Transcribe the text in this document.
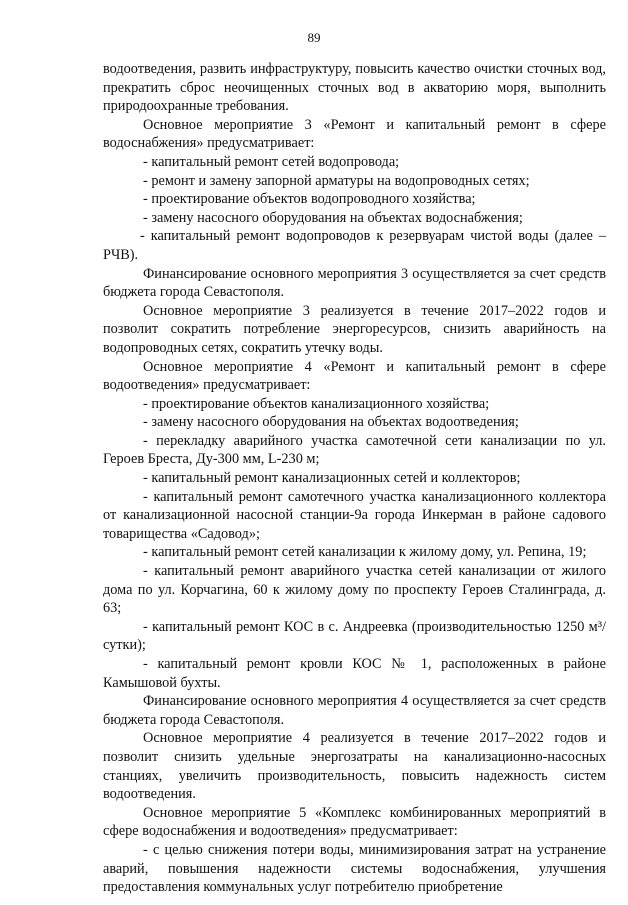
89

водоотведения, развить инфраструктуру, повысить качество очистки сточных вод, прекратить сброс неочищенных сточных вод в акваторию моря, выполнить природоохранные требования.

Основное мероприятие 3 «Ремонт и капитальный ремонт в сфере водоснабжения» предусматривает:

- капитальный ремонт сетей водопровода;

- ремонт и замену запорной арматуры на водопроводных сетях;

- проектирование объектов водопроводного хозяйства;

- замену насосного оборудования на объектах водоснабжения;

- капитальный ремонт водопроводов к резервуарам чистой воды (далее – РЧВ).

Финансирование основного мероприятия 3 осуществляется за счет средств бюджета города Севастополя.

Основное мероприятие 3 реализуется в течение 2017–2022 годов и позволит сократить потребление энергоресурсов, снизить аварийность на водопроводных сетях, сократить утечку воды.

Основное мероприятие 4 «Ремонт и капитальный ремонт в сфере водоотведения» предусматривает:

- проектирование объектов канализационного хозяйства;

- замену насосного оборудования на объектах водоотведения;

- перекладку аварийного участка самотечной сети канализации по ул. Героев Бреста, Ду-300 мм, L-230 м;

- капитальный ремонт канализационных сетей и коллекторов;

- капитальный ремонт самотечного участка канализационного коллектора от канализационной насосной станции-9а города Инкерман в районе садового товарищества «Садовод»;

- капитальный ремонт сетей канализации к жилому дому, ул. Репина, 19;

- капитальный ремонт аварийного участка сетей канализации от жилого дома по ул. Корчагина, 60 к жилому дому по проспекту Героев Сталинграда, д. 63;

- капитальный ремонт КОС в с. Андреевка (производительностью 1250 м³/сутки);

- капитальный ремонт кровли КОС № 1, расположенных в районе Камышовой бухты.

Финансирование основного мероприятия 4 осуществляется за счет средств бюджета города Севастополя.

Основное мероприятие 4 реализуется в течение 2017–2022 годов и позволит снизить удельные энергозатраты на канализационно-насосных станциях, увеличить производительность, повысить надежность систем водоотведения.

Основное мероприятие 5 «Комплекс комбинированных мероприятий в сфере водоснабжения и водоотведения» предусматривает:

- с целью снижения потери воды, минимизирования затрат на устранение аварий, повышения надежности системы водоснабжения, улучшения предоставления коммунальных услуг потребителю приобретение
